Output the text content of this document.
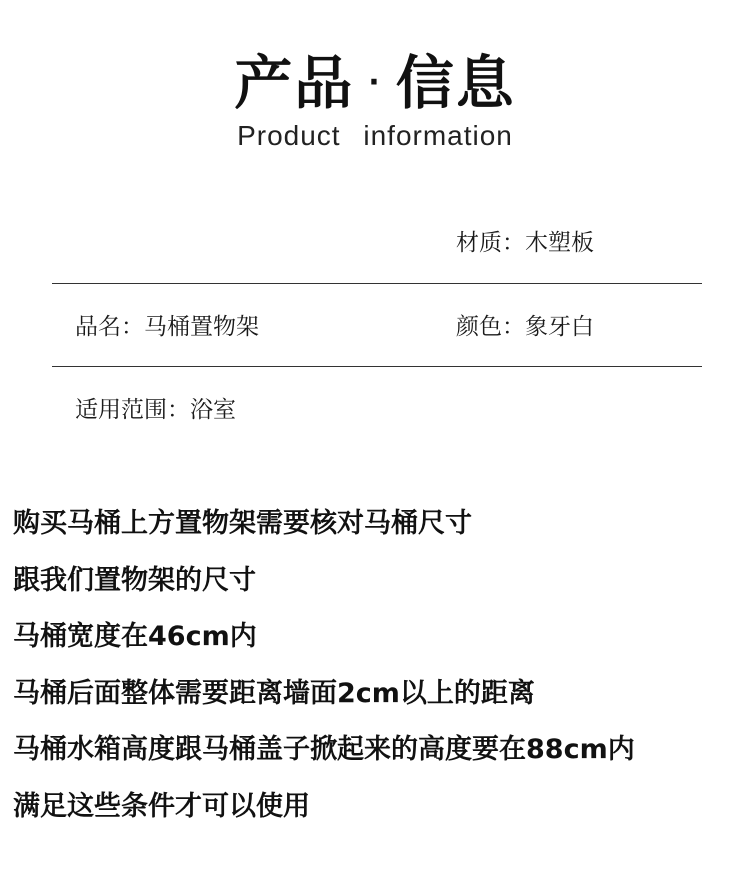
产品 · 信息
Product information
材质：木塑板
品名：马桶置物架	颜色：象牙白
适用范围：浴室
购买马桶上方置物架需要核对马桶尺寸
跟我们置物架的尺寸
马桶宽度在46cm内
马桶后面整体需要距离墙面2cm以上的距离
马桶水箱高度跟马桶盖子掀起来的高度要在88cm内
满足这些条件才可以使用
